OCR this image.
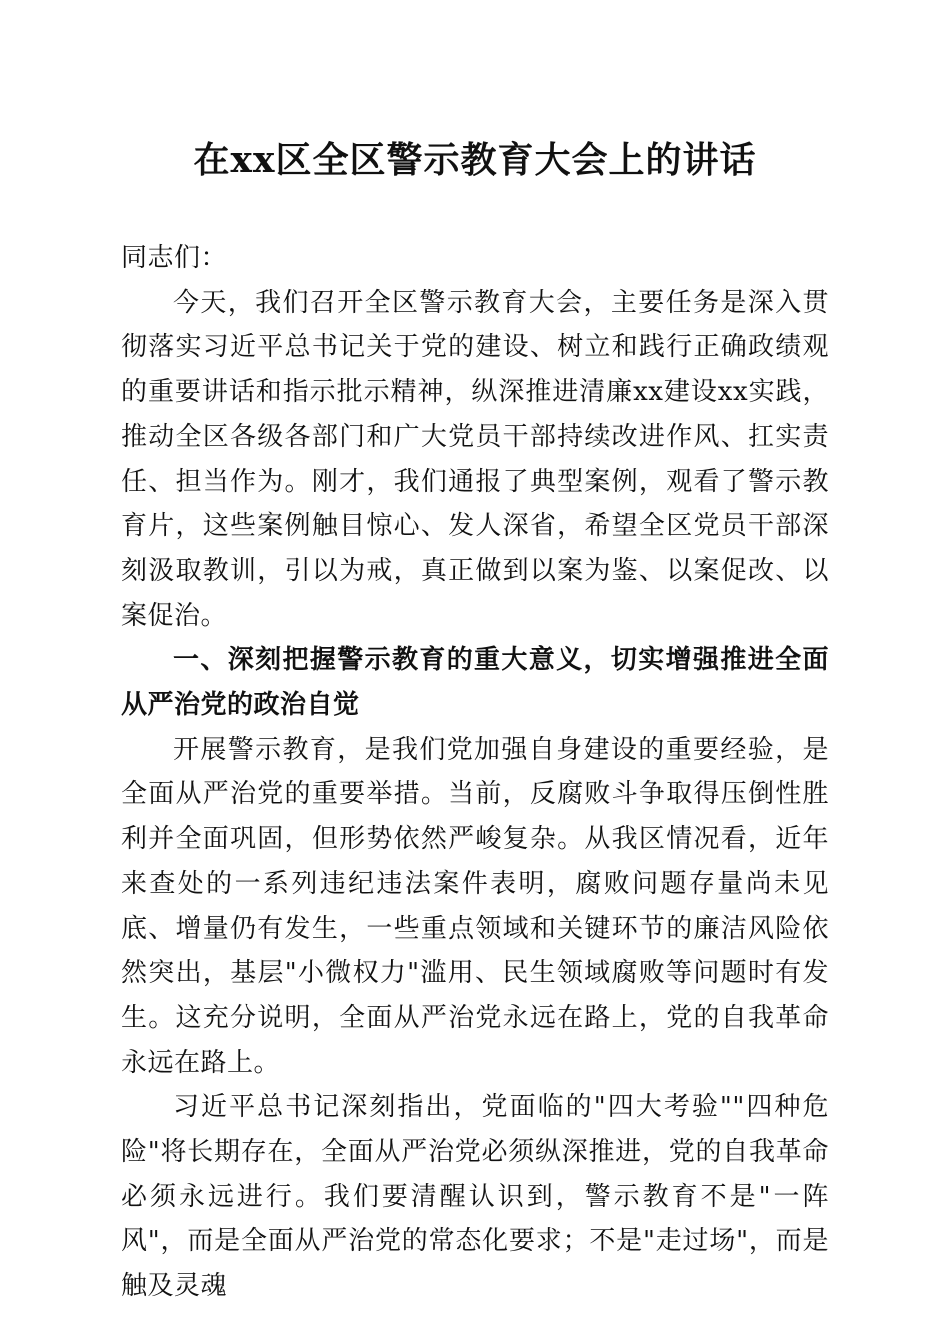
在xx区全区警示教育大会上的讲话

同志们：

今天，我们召开全区警示教育大会，主要任务是深入贯彻落实习近平总书记关于党的建设、树立和践行正确政绩观的重要讲话和指示批示精神，纵深推进清廉xx建设xx实践，推动全区各级各部门和广大党员干部持续改进作风、扛实责任、担当作为。刚才，我们通报了典型案例，观看了警示教育片，这些案例触目惊心、发人深省，希望全区党员干部深刻汲取教训，引以为戒，真正做到以案为鉴、以案促改、以案促治。

一、深刻把握警示教育的重大意义，切实增强推进全面从严治党的政治自觉

开展警示教育，是我们党加强自身建设的重要经验，是全面从严治党的重要举措。当前，反腐败斗争取得压倒性胜利并全面巩固，但形势依然严峻复杂。从我区情况看，近年来查处的一系列违纪违法案件表明，腐败问题存量尚未见底、增量仍有发生，一些重点领域和关键环节的廉洁风险依然突出，基层"小微权力"滥用、民生领域腐败等问题时有发生。这充分说明，全面从严治党永远在路上，党的自我革命永远在路上。

习近平总书记深刻指出，党面临的"四大考验""四种危险"将长期存在，全面从严治党必须纵深推进，党的自我革命必须永远进行。我们要清醒认识到，警示教育不是"一阵风"，而是全面从严治党的常态化要求；不是"走过场"，而是触及灵魂
